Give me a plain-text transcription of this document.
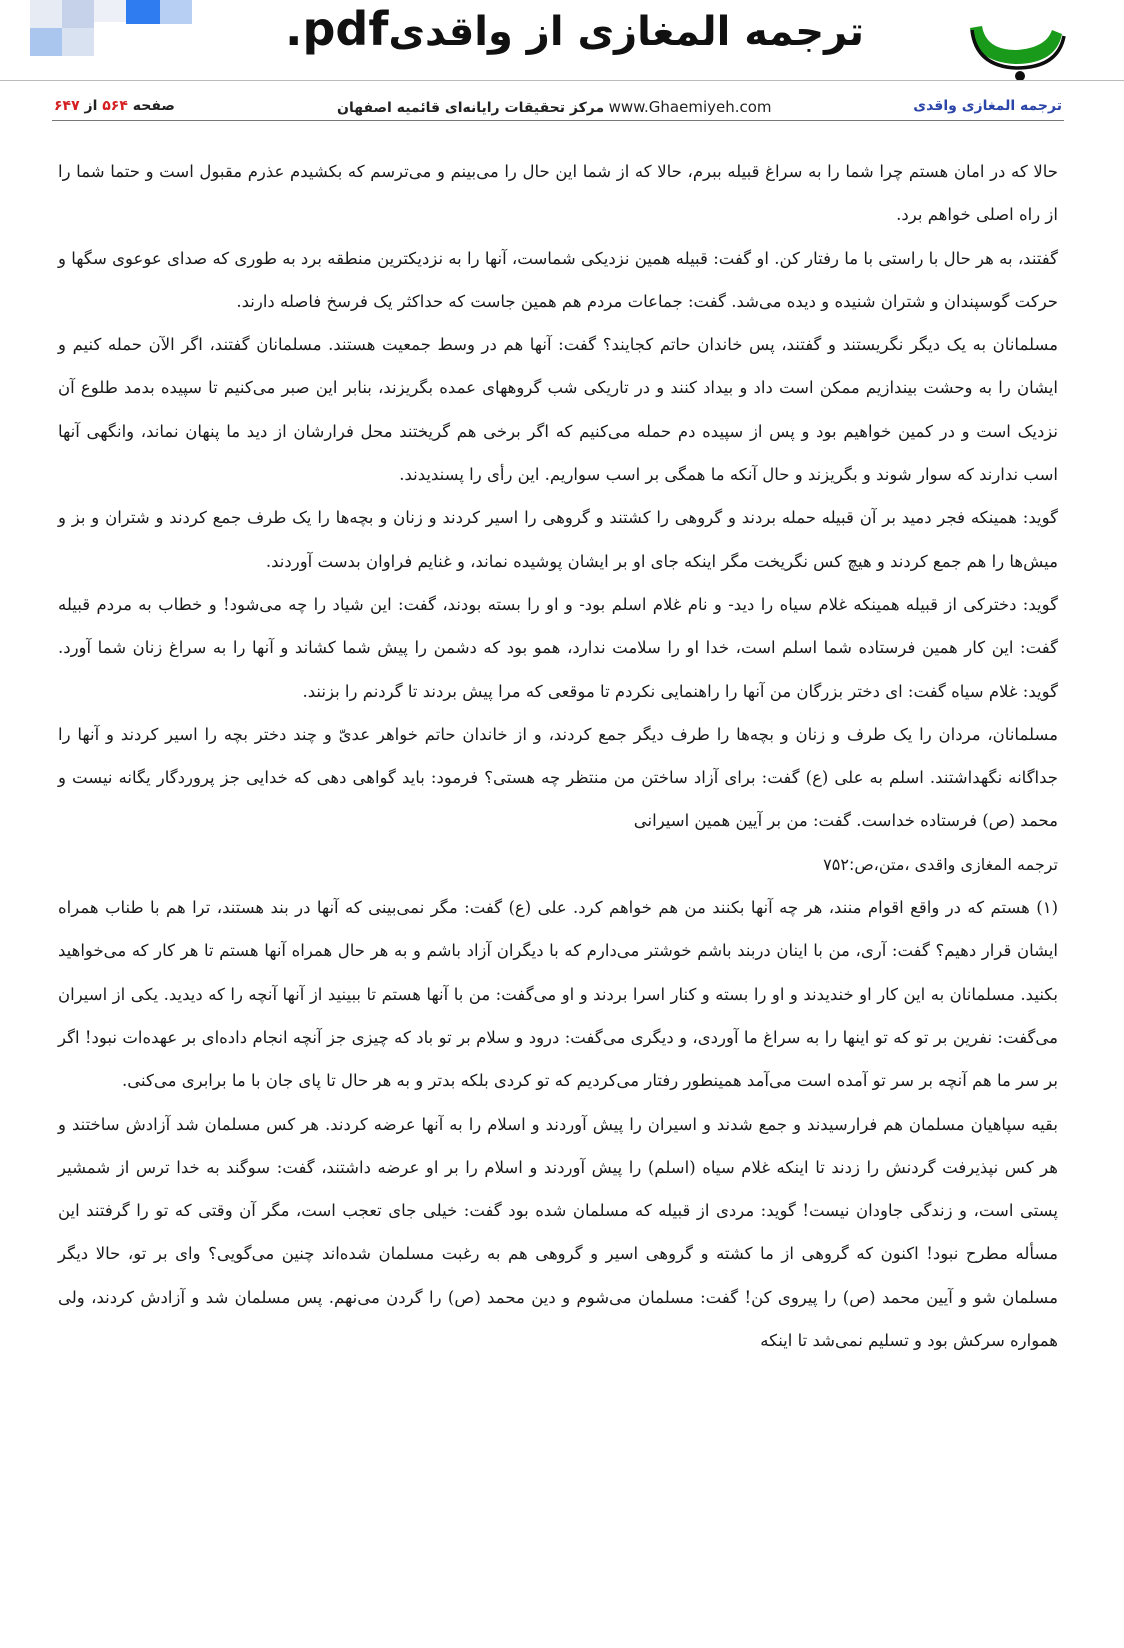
.pdfترجمه المغازی از واقدی
ترجمه المغازی واقدی
مرکز تحقیقات رایانه‌ای قائمیه اصفهان www.Ghaemiyeh.com
صفحه ۵۶۴ از ۶۴۷

حالا که در امان هستم چرا شما را به سراغ قبیله ببرم، حالا که از شما این حال را می‌بینم و می‌ترسم که بکشیدم عذرم مقبول است و حتما شما را از راه اصلی خواهم برد.

گفتند، به هر حال با راستی با ما رفتار کن. او گفت: قبیله همین نزدیکی شماست، آنها را به نزدیکترین منطقه برد به طوری که صدای عوعوی سگها و حرکت گوسپندان و شتران شنیده و دیده می‌شد. گفت: جماعات مردم هم همین جاست که حداکثر یک فرسخ فاصله دارند.

مسلمانان به یک دیگر نگریستند و گفتند، پس خاندان حاتم کجایند؟ گفت: آنها هم در وسط جمعیت هستند. مسلمانان گفتند، اگر الآن حمله کنیم و ایشان را به وحشت بیندازیم ممکن است داد و بیداد کنند و در تاریکی شب گروههای عمده بگریزند، بنابر این صبر می‌کنیم تا سپیده بدمد طلوع آن نزدیک است و در کمین خواهیم بود و پس از سپیده دم حمله می‌کنیم که اگر برخی هم گریختند محل فرارشان از دید ما پنهان نماند، وانگهی آنها اسب ندارند که سوار شوند و بگریزند و حال آنکه ما همگی بر اسب سواریم. این رأی را پسندیدند.

گوید: همینکه فجر دمید بر آن قبیله حمله بردند و گروهی را کشتند و گروهی را اسیر کردند و زنان و بچه‌ها را یک طرف جمع کردند و شتران و بز و میش‌ها را هم جمع کردند و هیچ کس نگریخت مگر اینکه جای او بر ایشان پوشیده نماند، و غنایم فراوان بدست آوردند.

گوید: دخترکی از قبیله همینکه غلام سیاه را دید- و نام غلام اسلم بود- و او را بسته بودند، گفت: این شیاد را چه می‌شود! و خطاب به مردم قبیله گفت: این کار همین فرستاده شما اسلم است، خدا او را سلامت ندارد، همو بود که دشمن را پیش شما کشاند و آنها را به سراغ زنان شما آورد. گوید: غلام سیاه گفت: ای دختر بزرگان من آنها را راهنمایی نکردم تا موقعی که مرا پیش بردند تا گردنم را بزنند.

مسلمانان، مردان را یک طرف و زنان و بچه‌ها را طرف دیگر جمع کردند، و از خاندان حاتم خواهر عدیّ و چند دختر بچه را اسیر کردند و آنها را جداگانه نگهداشتند. اسلم به علی (ع) گفت: برای آزاد ساختن من منتظر چه هستی؟ فرمود: باید گواهی دهی که خدایی جز پروردگار یگانه نیست و محمد (ص) فرستاده خداست. گفت: من بر آیین همین اسیرانی

ترجمه المغازی واقدی ،متن،ص:۷۵۲

(۱) هستم که در واقع اقوام منند، هر چه آنها بکنند من هم خواهم کرد. علی (ع) گفت: مگر نمی‌بینی که آنها در بند هستند، ترا هم با طناب همراه ایشان قرار دهیم؟ گفت: آری، من با اینان دربند باشم خوشتر می‌دارم که با دیگران آزاد باشم و به هر حال همراه آنها هستم تا هر کار که می‌خواهید بکنید. مسلمانان به این کار او خندیدند و او را بسته و کنار اسرا بردند و او می‌گفت: من با آنها هستم تا ببینید از آنها آنچه را که دیدید. یکی از اسیران می‌گفت: نفرین بر تو که تو اینها را به سراغ ما آوردی، و دیگری می‌گفت: درود و سلام بر تو باد که چیزی جز آنچه انجام داده‌ای بر عهده‌ات نبود! اگر بر سر ما هم آنچه بر سر تو آمده است می‌آمد همینطور رفتار می‌کردیم که تو کردی بلکه بدتر و به هر حال تا پای جان با ما برابری می‌کنی.

بقیه سپاهیان مسلمان هم فرارسیدند و جمع شدند و اسیران را پیش آوردند و اسلام را به آنها عرضه کردند. هر کس مسلمان شد آزادش ساختند و هر کس نپذیرفت گردنش را زدند تا اینکه غلام سیاه (اسلم) را پیش آوردند و اسلام را بر او عرضه داشتند، گفت: سوگند به خدا ترس از شمشیر پستی است، و زندگی جاودان نیست! گوید: مردی از قبیله که مسلمان شده بود گفت: خیلی جای تعجب است، مگر آن وقتی که تو را گرفتند این مسأله مطرح نبود! اکنون که گروهی از ما کشته و گروهی اسیر و گروهی هم به رغبت مسلمان شده‌اند چنین می‌گویی؟ وای بر تو، حالا دیگر مسلمان شو و آیین محمد (ص) را پیروی کن! گفت: مسلمان می‌شوم و دین محمد (ص) را گردن می‌نهم. پس مسلمان شد و آزادش کردند، ولی همواره سرکش بود و تسلیم نمی‌شد تا اینکه
